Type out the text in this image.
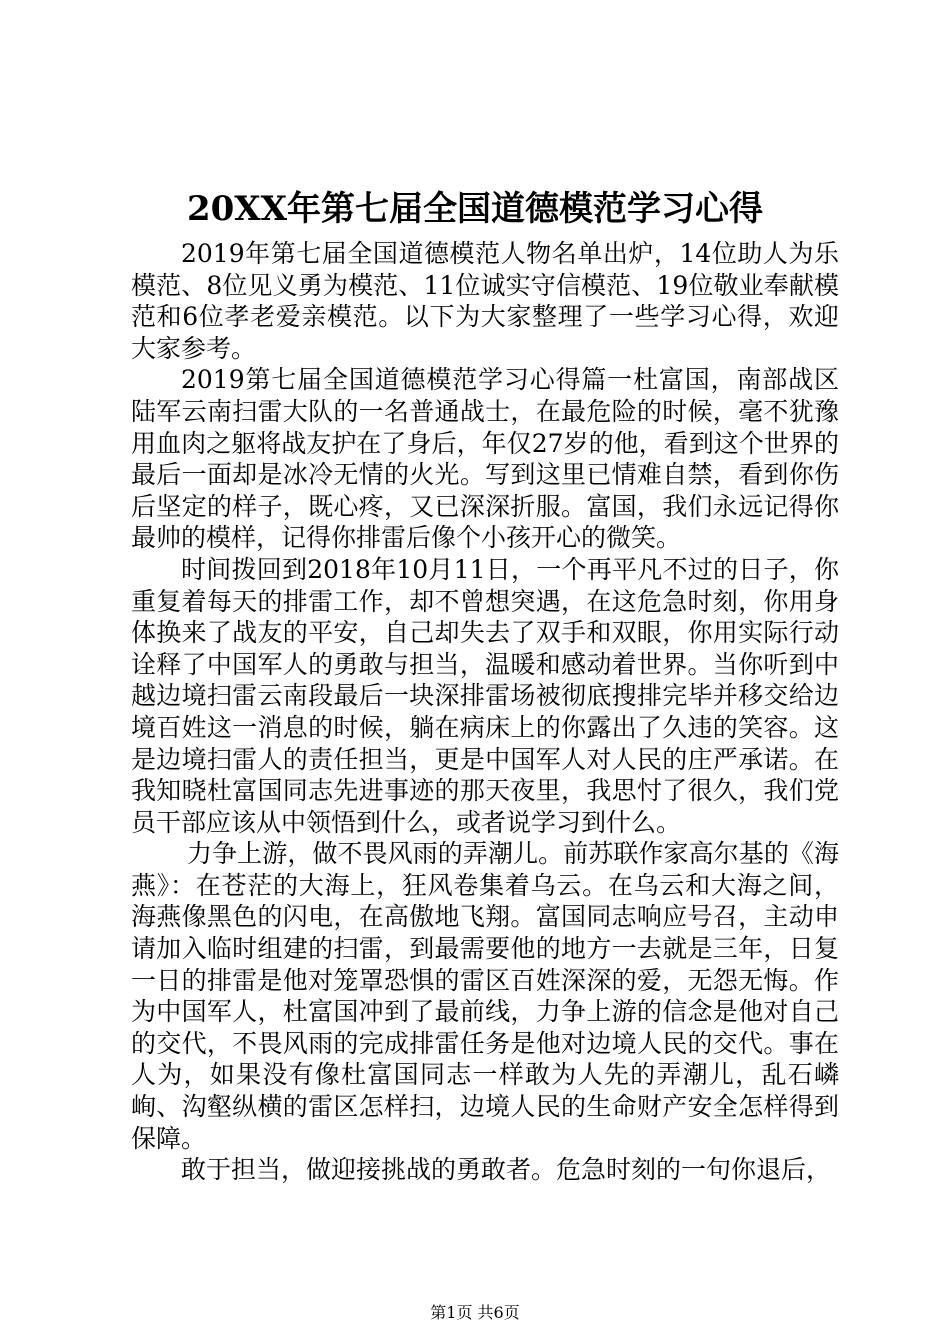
20XX年第七届全国道德模范学习心得

2019年第七届全国道德模范人物名单出炉，14位助人为乐模范、8位见义勇为模范、11位诚实守信模范、19位敬业奉献模范和6位孝老爱亲模范。以下为大家整理了一些学习心得，欢迎大家参考。

2019第七届全国道德模范学习心得篇一杜富国，南部战区陆军云南扫雷大队的一名普通战士，在最危险的时候，毫不犹豫用血肉之躯将战友护在了身后，年仅27岁的他，看到这个世界的最后一面却是冰冷无情的火光。写到这里已情难自禁，看到你伤后坚定的样子，既心疼，又已深深折服。富国，我们永远记得你最帅的模样，记得你排雷后像个小孩开心的微笑。

时间拨回到2018年10月11日，一个再平凡不过的日子，你重复着每天的排雷工作，却不曾想突遇，在这危急时刻，你用身体换来了战友的平安，自己却失去了双手和双眼，你用实际行动诠释了中国军人的勇敢与担当，温暖和感动着世界。当你听到中越边境扫雷云南段最后一块深排雷场被彻底搜排完毕并移交给边境百姓这一消息的时候，躺在病床上的你露出了久违的笑容。这是边境扫雷人的责任担当，更是中国军人对人民的庄严承诺。在我知晓杜富国同志先进事迹的那天夜里，我思忖了很久，我们党员干部应该从中领悟到什么，或者说学习到什么。

力争上游，做不畏风雨的弄潮儿。前苏联作家高尔基的《海燕》：在苍茫的大海上，狂风卷集着乌云。在乌云和大海之间，海燕像黑色的闪电，在高傲地飞翔。富国同志响应号召，主动申请加入临时组建的扫雷，到最需要他的地方一去就是三年，日复一日的排雷是他对笼罩恐惧的雷区百姓深深的爱，无怨无悔。作为中国军人，杜富国冲到了最前线，力争上游的信念是他对自己的交代，不畏风雨的完成排雷任务是他对边境人民的交代。事在人为，如果没有像杜富国同志一样敢为人先的弄潮儿，乱石嶙峋、沟壑纵横的雷区怎样扫，边境人民的生命财产安全怎样得到保障。

敢于担当，做迎接挑战的勇敢者。危急时刻的一句你退后，

第1页 共6页
